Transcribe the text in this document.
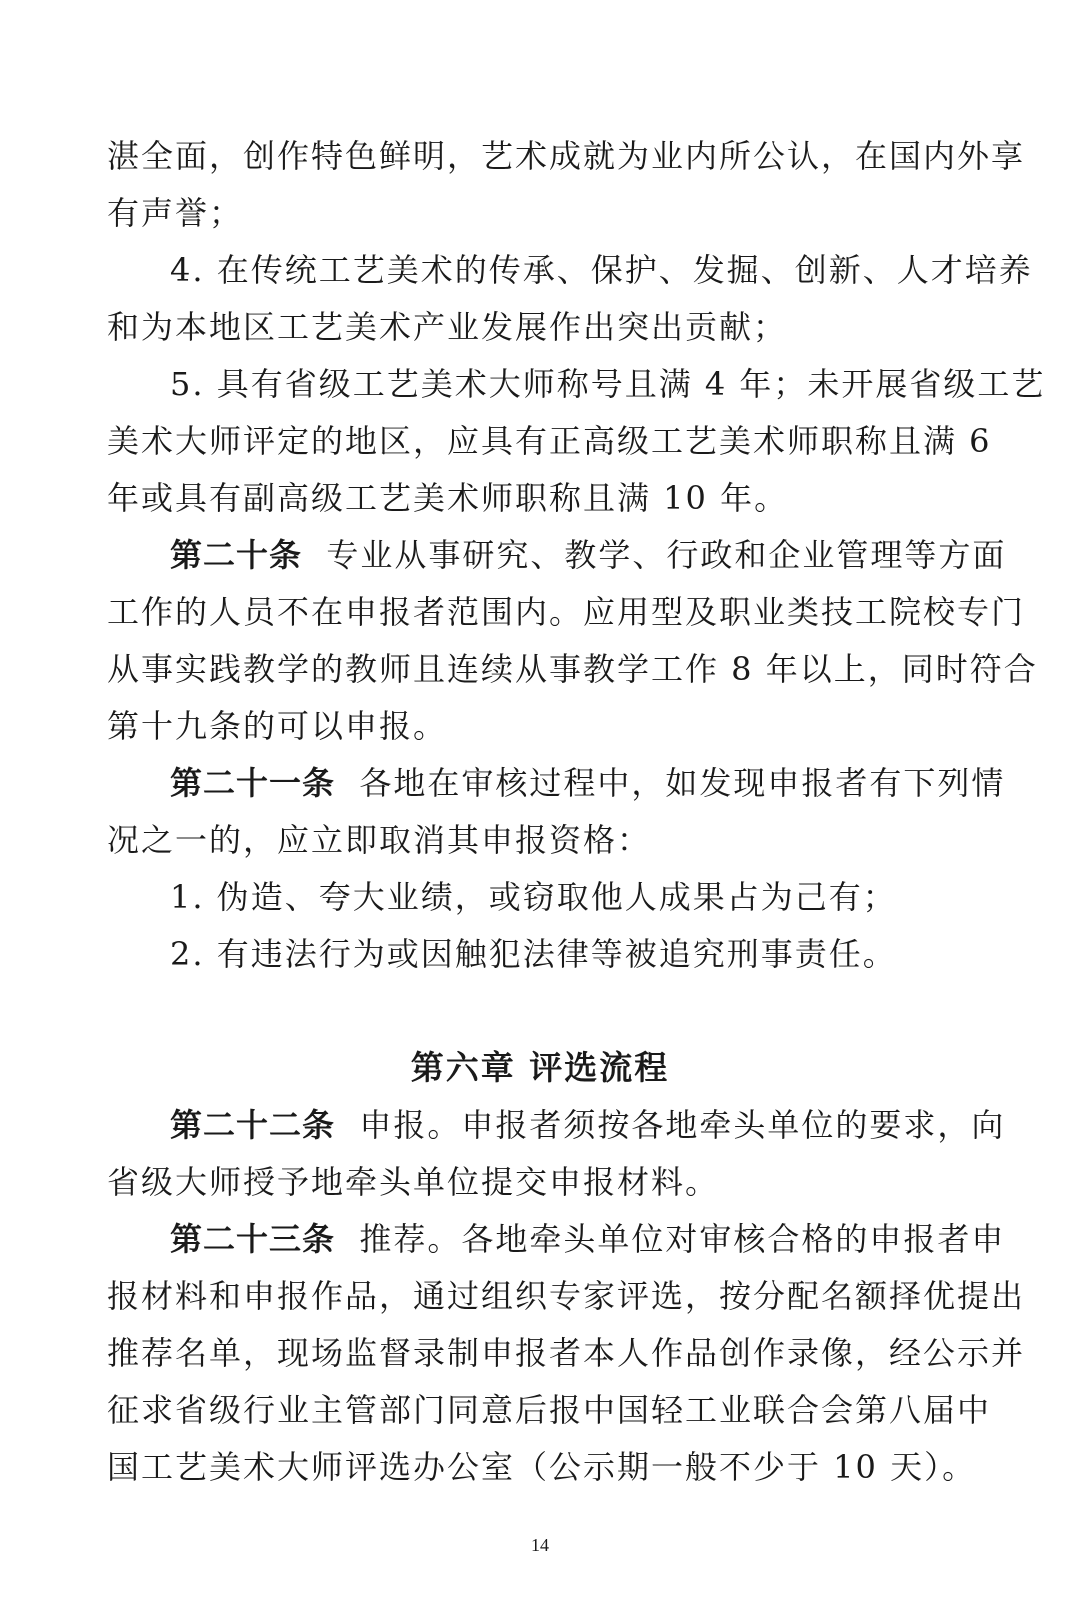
湛全面，创作特色鲜明，艺术成就为业内所公认，在国内外享
有声誉；
4. 在传统工艺美术的传承、保护、发掘、创新、人才培养
和为本地区工艺美术产业发展作出突出贡献；
5. 具有省级工艺美术大师称号且满 4 年；未开展省级工艺
美术大师评定的地区，应具有正高级工艺美术师职称且满 6
年或具有副高级工艺美术师职称且满 10 年。
第二十条 专业从事研究、教学、行政和企业管理等方面
工作的人员不在申报者范围内。应用型及职业类技工院校专门
从事实践教学的教师且连续从事教学工作 8 年以上，同时符合
第十九条的可以申报。
第二十一条 各地在审核过程中，如发现申报者有下列情
况之一的，应立即取消其申报资格：
1. 伪造、夸大业绩，或窃取他人成果占为己有；
2. 有违法行为或因触犯法律等被追究刑事责任。
第六章 评选流程
第二十二条 申报。申报者须按各地牵头单位的要求，向
省级大师授予地牵头单位提交申报材料。
第二十三条 推荐。各地牵头单位对审核合格的申报者申
报材料和申报作品，通过组织专家评选，按分配名额择优提出
推荐名单，现场监督录制申报者本人作品创作录像，经公示并
征求省级行业主管部门同意后报中国轻工业联合会第八届中
国工艺美术大师评选办公室（公示期一般不少于 10 天）。
14
